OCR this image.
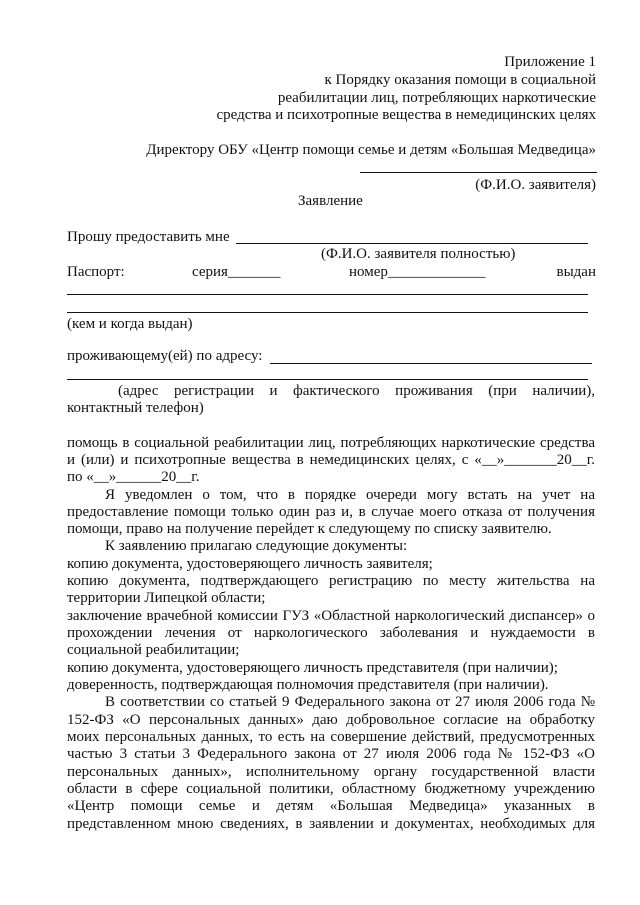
Приложение 1
к Порядку оказания помощи в социальной
реабилитации лиц, потребляющих наркотические
средства и психотропные вещества в немедицинских целях
Директору ОБУ «Центр помощи семье и детям «Большая Медведица»
(Ф.И.О. заявителя)
Заявление
Прошу предоставить мне
(Ф.И.О. заявителя полностью)
Паспорт:	серия_______	номер_____________	выдан
(кем и когда выдан)
проживающему(ей) по адресу:
(адрес регистрации и фактического проживания (при наличии),
контактный телефон)
помощь в социальной реабилитации лиц, потребляющих наркотические средства
и (или) и психотропные вещества в немедицинских целях, с «__»_______20__г.
по «__»______20__г.
Я уведомлен о том, что в порядке очереди могу встать на учет на
предоставление помощи только один раз и, в случае моего отказа от получения
помощи, право на получение перейдет к следующему по списку заявителю.
К заявлению прилагаю следующие документы:
копию документа, удостоверяющего личность заявителя;
копию документа, подтверждающего регистрацию по месту жительства на
территории Липецкой области;
заключение врачебной комиссии ГУЗ «Областной наркологический диспансер» о
прохождении лечения от наркологического заболевания и нуждаемости в
социальной реабилитации;
копию документа, удостоверяющего личность представителя (при наличии);
доверенность, подтверждающая полномочия представителя (при наличии).
В соответствии со статьей 9 Федерального закона от 27 июля 2006 года №
152-ФЗ «О персональных данных» даю добровольное согласие на обработку
моих персональных данных, то есть на совершение действий, предусмотренных
частью 3 статьи 3 Федерального закона от 27 июля 2006 года № 152-ФЗ «О
персональных данных», исполнительному органу государственной власти
области в сфере социальной политики, областному бюджетному учреждению
«Центр помощи семье и детям «Большая Медведица» указанных в
представленном мною сведениях, в заявлении и документах, необходимых для
